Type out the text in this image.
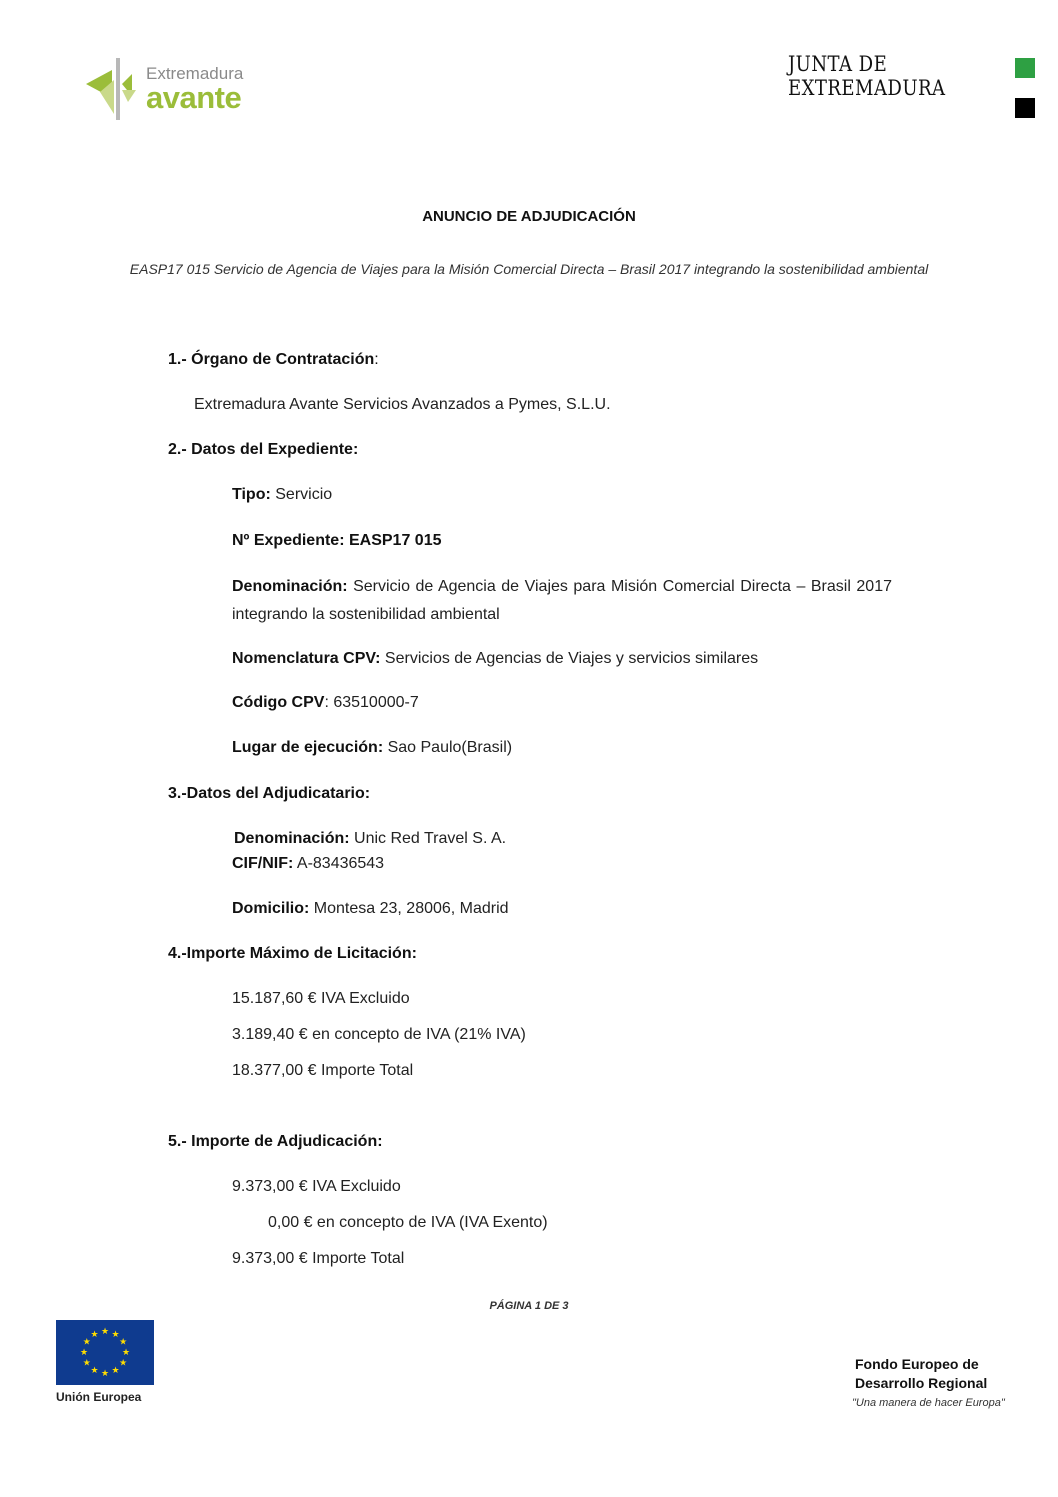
Extremadura
avante
JUNTA DE EXTREMADURA
ANUNCIO DE ADJUDICACIÓN
EASP17 015 Servicio de Agencia de Viajes para la Misión Comercial Directa – Brasil 2017 integrando la sostenibilidad ambiental
1.- Órgano de Contratación:
Extremadura Avante Servicios Avanzados a Pymes, S.L.U.
2.- Datos del Expediente:
Tipo: Servicio
Nº Expediente: EASP17 015
Denominación: Servicio de Agencia de Viajes para Misión Comercial Directa – Brasil 2017 integrando la sostenibilidad ambiental
Nomenclatura CPV: Servicios de Agencias de Viajes y servicios similares
Código CPV: 63510000-7
Lugar de ejecución: Sao Paulo(Brasil)
3.-Datos del Adjudicatario:
Denominación: Unic Red Travel S. A.
CIF/NIF: A-83436543
Domicilio: Montesa 23, 28006, Madrid
4.-Importe Máximo de Licitación:
15.187,60 € IVA Excluido
3.189,40 € en concepto de IVA (21% IVA)
18.377,00 € Importe Total
5.- Importe de Adjudicación:
9.373,00 € IVA Excluido
0,00 € en concepto de IVA (IVA Exento)
9.373,00 € Importe Total
PÁGINA 1 DE 3
★ ★
★
★
★
★
★
★
★
★
★
★
Unión Europea
Fondo Europeo de
Desarrollo Regional
"Una manera de hacer Europa"
